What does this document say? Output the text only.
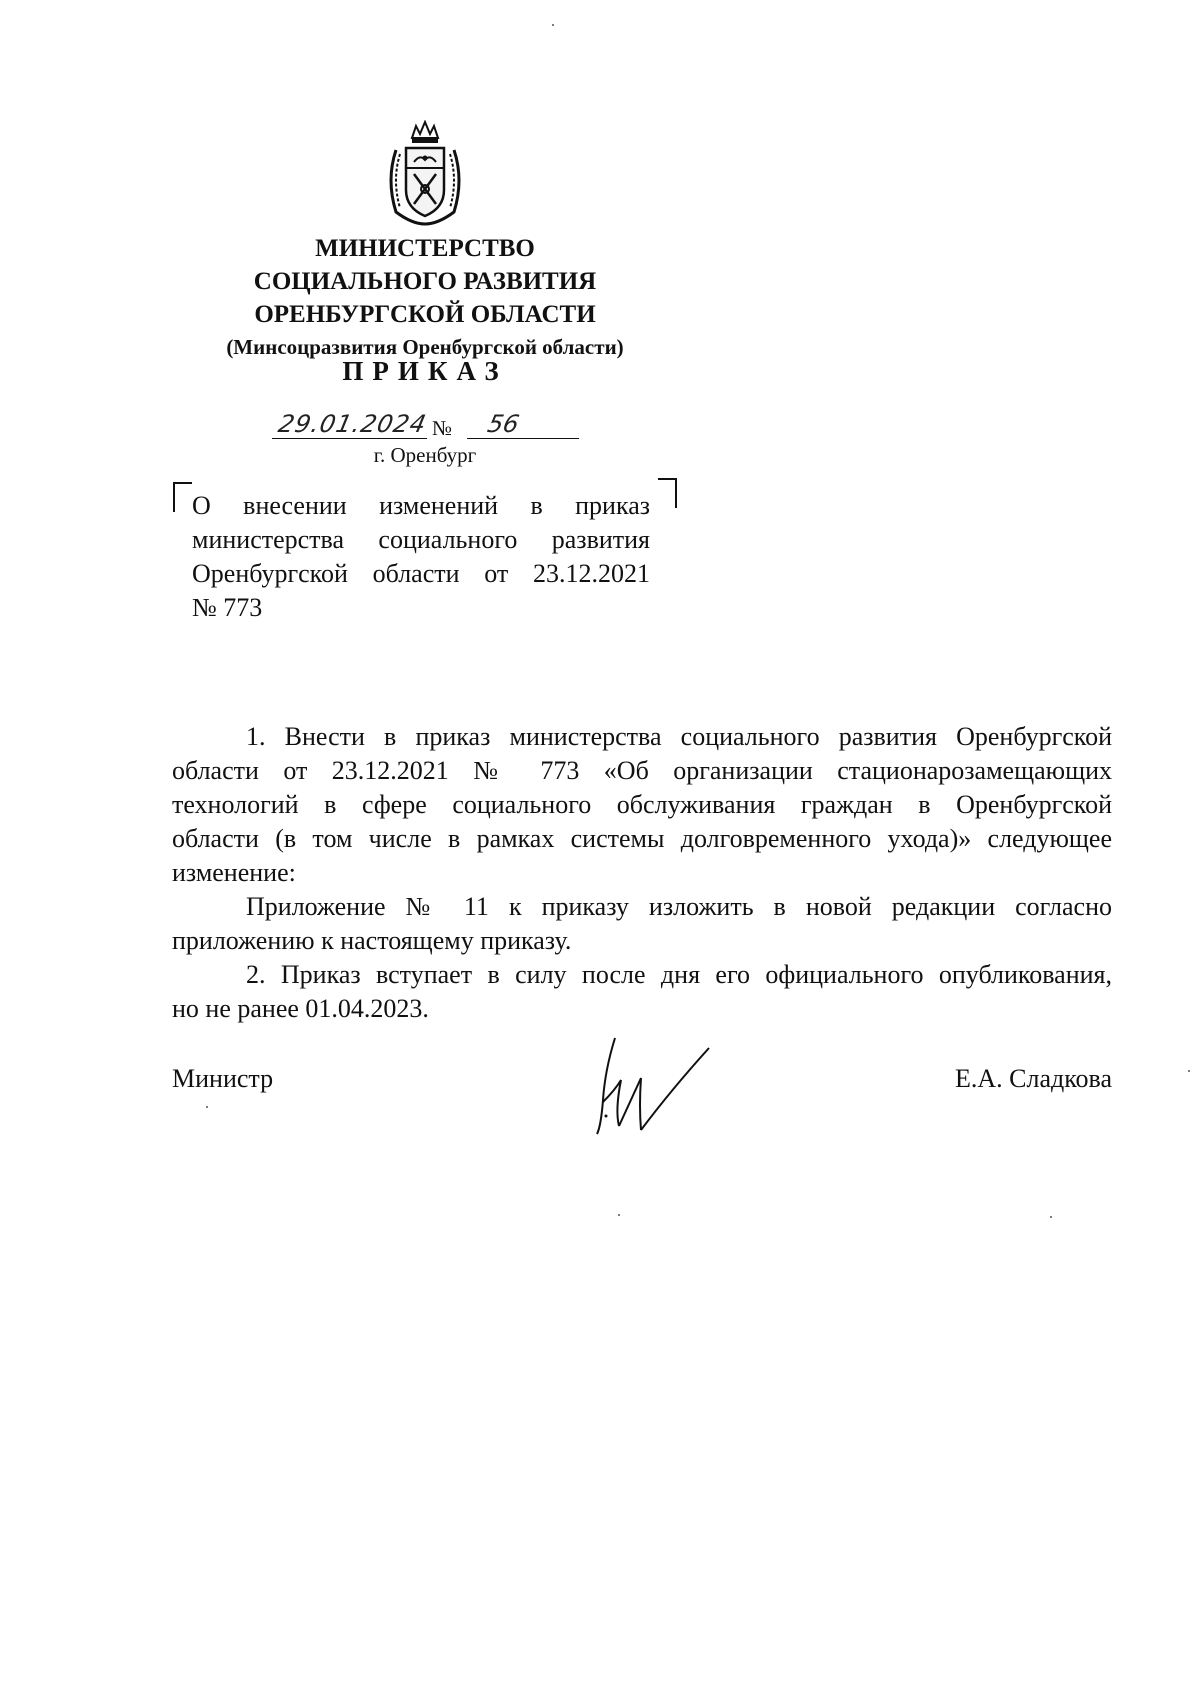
МИНИСТЕРСТВО
СОЦИАЛЬНОГО РАЗВИТИЯ
ОРЕНБУРГСКОЙ ОБЛАСТИ
(Минсоцразвития Оренбургской области)
ПРИКАЗ
29.01.2024 №	56
г. Оренбург
О внесении изменений в приказ
министерства социального развития
Оренбургской области от 23.12.2021
№ 773

1. Внести в приказ министерства социального развития Оренбургской

области от 23.12.2021 № 773 «Об организации стационарозамещающих
технологий в сфере социального обслуживания граждан в Оренбургской
области (в том числе в рамках системы долговременного ухода)» следующее
изменение:

Приложение № 11 к приказу изложить в новой редакции согласно

приложению к настоящему приказу.

2. Приказ вступает в силу после дня его официального опубликования,

но не ранее 01.04.2023.

Министр	Е.А. Сладкова
